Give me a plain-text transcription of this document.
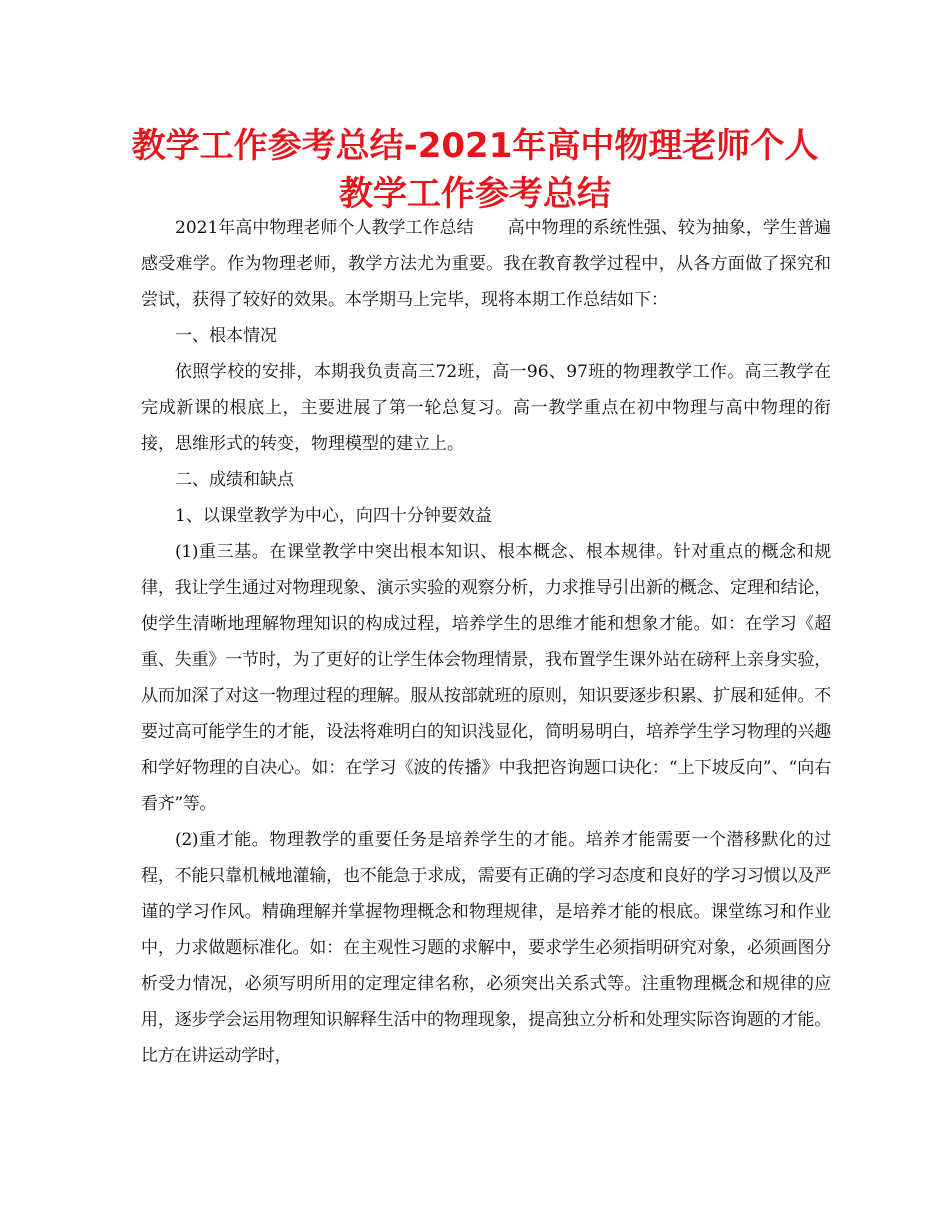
教学工作参考总结-2021年高中物理老师个人教学工作参考总结

2021年高中物理老师个人教学工作总结　　高中物理的系统性强、较为抽象，学生普遍感受难学。作为物理老师，教学方法尤为重要。我在教育教学过程中，从各方面做了探究和尝试，获得了较好的效果。本学期马上完毕，现将本期工作总结如下：

一、根本情况

依照学校的安排，本期我负责高三72班，高一96、97班的物理教学工作。高三教学在完成新课的根底上，主要进展了第一轮总复习。高一教学重点在初中物理与高中物理的衔接，思维形式的转变，物理模型的建立上。

二、成绩和缺点

1、以课堂教学为中心，向四十分钟要效益

(1)重三基。在课堂教学中突出根本知识、根本概念、根本规律。针对重点的概念和规律，我让学生通过对物理现象、演示实验的观察分析，力求推导引出新的概念、定理和结论，使学生清晰地理解物理知识的构成过程，培养学生的思维才能和想象才能。如：在学习《超重、失重》一节时，为了更好的让学生体会物理情景，我布置学生课外站在磅秤上亲身实验，从而加深了对这一物理过程的理解。服从按部就班的原则，知识要逐步积累、扩展和延伸。不要过高可能学生的才能，设法将难明白的知识浅显化，简明易明白，培养学生学习物理的兴趣和学好物理的自决心。如：在学习《波的传播》中我把咨询题口诀化：“上下坡反向”、“向右看齐”等。

(2)重才能。物理教学的重要任务是培养学生的才能。培养才能需要一个潜移默化的过程，不能只靠机械地灌输，也不能急于求成，需要有正确的学习态度和良好的学习习惯以及严谨的学习作风。精确理解并掌握物理概念和物理规律，是培养才能的根底。课堂练习和作业中，力求做题标准化。如：在主观性习题的求解中，要求学生必须指明研究对象，必须画图分析受力情况，必须写明所用的定理定律名称，必须突出关系式等。注重物理概念和规律的应用，逐步学会运用物理知识解释生活中的物理现象，提高独立分析和处理实际咨询题的才能。比方在讲运动学时，
